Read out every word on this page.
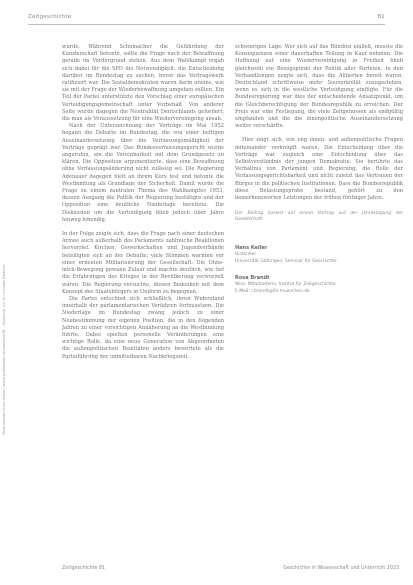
Zeitgeschichte	81
Downloaded from https://www.publikation.de/zeitschrift – Nutzung nur für private Zwecke

wurde. Während Schumacher die Gefährdung der Kanzlerschaft betonte, sollte die Frage nach der Bewaffnung gerade im Vordergrund stehen. Aus dem Wahlkampf ergab sich dabei für die SPD die Notwendigkeit, die Entscheidung darüber im Bundestag zu suchen, bevor das Vertragswerk ratifiziert war. Die Sozialdemokraten waren darin uneins, wie sie mit der Frage der Wiederbewaffnung umgehen sollten. Ein Teil der Partei unterstützte den Vorschlag einer europäischen Verteidigungsgemeinschaft unter Vorbehalt. Von anderer Seite wurde dagegen die Neutralität Deutschlands gefordert, die man als Voraussetzung für eine Wiedervereinigung ansah.

Nach der Unterzeichnung der Verträge im Mai 1952 begann die Debatte im Bundestag, die von einer heftigen Auseinandersetzung über die Verfassungsmäßigkeit der Verträge geprägt war. Das Bundesverfassungsgericht wurde angerufen, um die Vereinbarkeit mit dem Grundgesetz zu klären. Die Opposition argumentierte, dass eine Bewaffnung ohne Verfassungsänderung nicht zulässig sei. Die Regierung Adenauer dagegen hielt an ihrem Kurs fest und betonte die Westbindung als Grundlage der Sicherheit. Damit wurde die Frage zu einem zentralen Thema des Wahlkampfes 1953, dessen Ausgang die Politik der Regierung bestätigte und der Opposition eine deutliche Niederlage bereitete. Die Diskussion um die Verteidigung blieb jedoch über Jahre hinweg lebendig.

In der Folge zeigte sich, dass die Frage nach einer deutschen Armee auch außerhalb des Parlaments zahlreiche Reaktionen hervorrief. Kirchen, Gewerkschaften und Jugendverbände beteiligten sich an der Debatte; viele Stimmen warnten vor einer erneuten Militarisierung der Gesellschaft. Die Ohne-mich-Bewegung gewann Zulauf und machte deutlich, wie tief die Erfahrungen des Krieges in der Bevölkerung verwurzelt waren. Die Regierung versuchte, diesen Bedenken mit dem Konzept des Staatsbürgers in Uniform zu begegnen.

Die Partei entschied sich schließlich, ihren Widerstand innerhalb der parlamentarischen Verfahren fortzusetzen. Die Niederlage im Bundestag zwang jedoch zu einer Neubestimmung der eigenen Position, die in den folgenden Jahren zu einer vorsichtigen Annäherung an die Westbindung führte. Dabei spielten personelle Veränderungen eine wichtige Rolle, da eine neue Generation von Abgeordneten die außenpolitischen Realitäten anders bewertete als die Parteiführung der unmittelbaren Nachkriegszeit.

schwierigen Lage. Wer sich auf das Bündnis einließ, musste die Konsequenzen einer dauerhaften Teilung in Kauf nehmen. Die Hoffnung auf eine Wiedervereinigung in Freiheit blieb gleichwohl ein Bezugspunkt der Politik aller Parteien. In den Verhandlungen zeigte sich, dass die Alliierten bereit waren, Deutschland schrittweise mehr Souveränität zuzugestehen, wenn es sich in die westliche Verteidigung einfügte. Für die Bundesregierung war dies der entscheidende Ansatzpunkt, um die Gleichberechtigung der Bundesrepublik zu erreichen. Der Preis war eine Festlegung, die viele Zeitgenossen als endgültig empfanden und die die innenpolitische Auseinandersetzung weiter verschärfte.

Hier zeigt sich, wie eng innen- und außenpolitische Fragen miteinander verknüpft waren. Die Entscheidung über die Verträge war zugleich eine Entscheidung über das Selbstverständnis der jungen Demokratie. Sie berührte das Verhältnis von Parlament und Regierung, die Rolle der Verfassungsgerichtsbarkeit und nicht zuletzt das Vertrauen der Bürger in die politischen Institutionen. Dass die Bundesrepublik diese Belastungsprobe bestand, gehört zu den bemerkenswerten Leistungen der frühen fünfziger Jahre.

Der Beitrag basiert auf einem Vortrag auf der Jahrestagung der Gesellschaft.
Hans Keller
Historiker
Universität Göttingen, Seminar für Geschichte
Rosa Brandt
Wiss. Mitarbeiterin, Institut für Zeitgeschichte
E-Mail: r.brandt@ifz-muenchen.de
Zeitgeschichte 81	Geschichte in Wissenschaft und Unterricht 2023
